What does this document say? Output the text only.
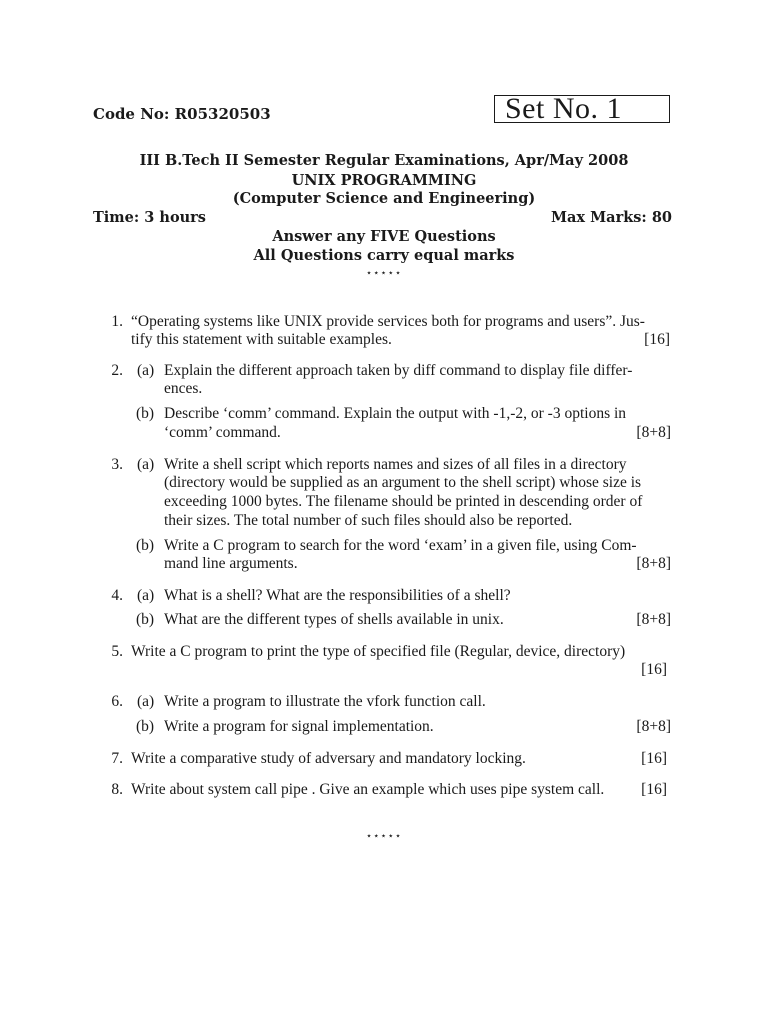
Code No: R05320503	Set No. 1
III B.Tech II Semester Regular Examinations, Apr/May 2008
UNIX PROGRAMMING
(Computer Science and Engineering)
Time: 3 hours	Max Marks: 80
Answer any FIVE Questions
All Questions carry equal marks
⋆⋆⋆⋆⋆
1. “Operating systems like UNIX provide services both for programs and users”. Jus-
tify this statement with suitable examples.	[16]
2. (a) Explain the different approach taken by diff command to display file differ-
ences.
(b) Describe ‘comm’ command. Explain the output with -1,-2, or -3 options in
‘comm’ command.	[8+8]
3. (a) Write a shell script which reports names and sizes of all files in a directory
(directory would be supplied as an argument to the shell script) whose size is
exceeding 1000 bytes. The filename should be printed in descending order of
their sizes. The total number of such files should also be reported.
(b) Write a C program to search for the word ‘exam’ in a given file, using Com-
mand line arguments.	[8+8]
4. (a) What is a shell? What are the responsibilities of a shell?
(b) What are the different types of shells available in unix.	[8+8]
5. Write a C program to print the type of specified file (Regular, device, directory)
[16]
6. (a) Write a program to illustrate the vfork function call.
(b) Write a program for signal implementation.	[8+8]
7. Write a comparative study of adversary and mandatory locking.	[16]
8. Write about system call pipe . Give an example which uses pipe system call. [16]
⋆⋆⋆⋆⋆
